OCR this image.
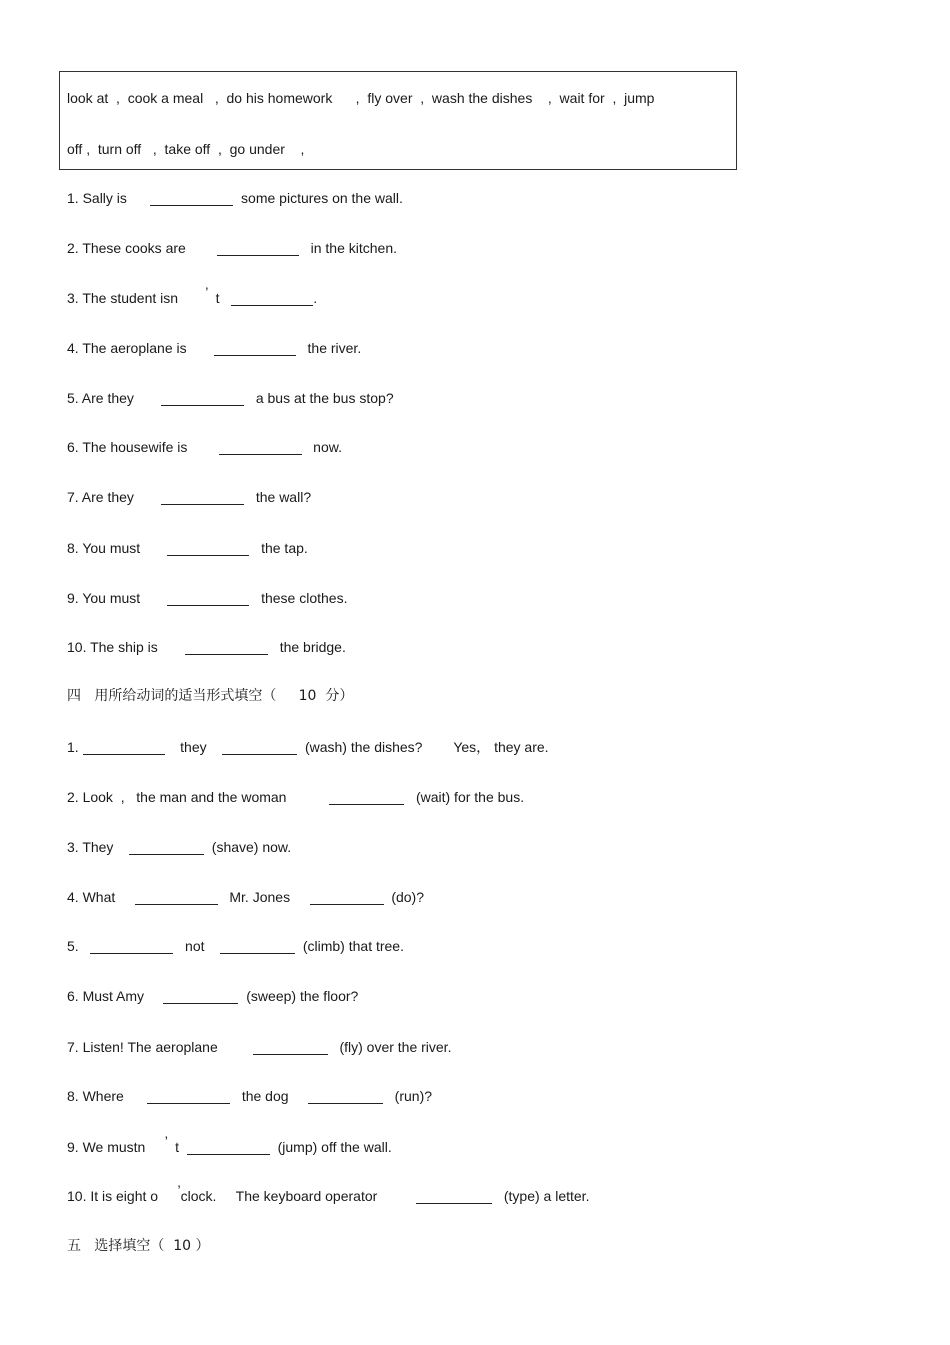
look at  ,  cook a meal   ,  do his homework      ,  fly over  ,  wash the dishes    ,  wait for  ,  jump
off ,  turn off   ,  take off  ,  go under    ,
1. Sally is	some pictures on the wall.
2. These cooks are	in the kitchen.
3. The student isn ’ t	.
4. The aeroplane is	the river.
5. Are they	a bus at the bus stop?
6. The housewife is	now.
7. Are they	the wall?
8. You must	the tap.
9. You must	these clothes.
10. The ship is	the bridge.
四   用所给动词的适当形式填空（     10  分）
1.	they	(wash) the dishes? Yes， they are.
2. Look  ,   the man and the woman	(wait) for the bus.
3. They	(shave) now.
4. What	Mr. Jones	(do)?
5.	not	(climb) that tree.
6. Must Amy	(sweep) the floor?
7. Listen! The aeroplane	(fly) over the river.
8. Where	the dog	(run)?
9. We mustn ’ t	(jump) off the wall.
10. It is eight o ’clock. The keyboard operator	(type) a letter.
五   选择填空（  10 ）
